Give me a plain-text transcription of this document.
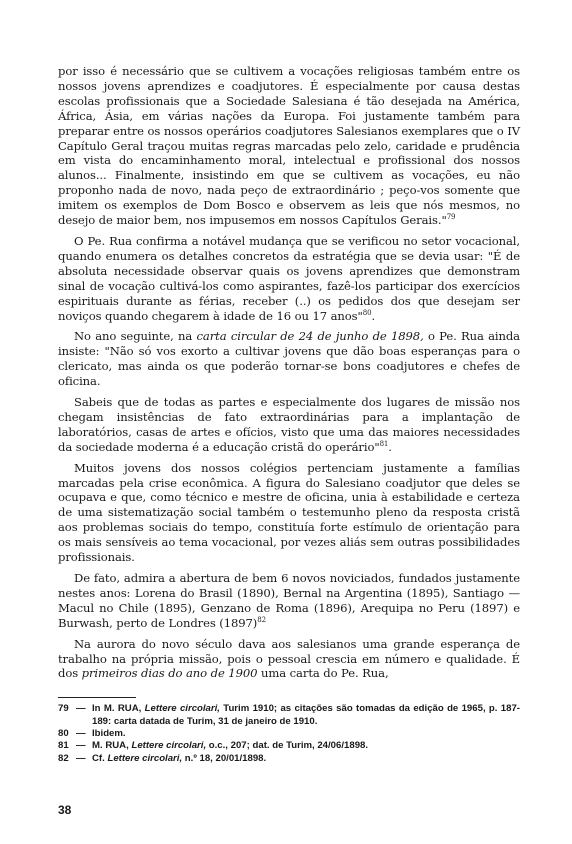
por isso é necessário que se cultivem a vocações religiosas também entre os nossos jovens aprendizes e coadjutores. É especialmente por causa destas escolas profissionais que a Sociedade Salesiana é tão desejada na América, África, Ásia, em várias nações da Europa. Foi justamente também para preparar entre os nossos operários coadjutores Salesianos exemplares que o IV Capítulo Geral traçou muitas regras marcadas pelo zelo, caridade e prudência em vista do encaminhamento moral, intelectual e profissional dos nossos alunos... Finalmente, insistindo em que se cultivem as vocações, eu não proponho nada de novo, nada peço de extraordinário ; peço-vos somente que imitem os exemplos de Dom Bosco e observem as leis que nós mesmos, no desejo de maior bem, nos impusemos em nossos Capítulos Gerais."$^{79}$

O Pe. Rua confirma a notável mudança que se verificou no setor vocacional, quando enumera os detalhes concretos da estratégia que se devia usar: "É de absoluta necessidade observar quais os jovens aprendizes que demonstram sinal de vocação cultivá-los como aspirantes, fazê-los participar dos exercícios espirituais durante as férias, receber (..) os pedidos dos que desejam ser noviços quando chegarem à idade de 16 ou 17 anos"$^{80}$.

No ano seguinte, na carta circular de 24 de junho de 1898, o Pe. Rua ainda insiste: "Não só vos exorto a cultivar jovens que dão boas esperanças para o clericato, mas ainda os que poderão tornar-se bons coadjutores e chefes de oficina.

Sabeis que de todas as partes e especialmente dos lugares de missão nos chegam insistências de fato extraordinárias para a implantação de laboratórios, casas de artes e ofícios, visto que uma das maiores necessidades da sociedade moderna é a educação cristã do operário"$^{81}$.

Muitos jovens dos nossos colégios pertenciam justamente a famílias marcadas pela crise econômica. A figura do Salesiano coadjutor que deles se ocupava e que, como técnico e mestre de oficina, unia à estabilidade e certeza de uma sistematização social também o testemunho pleno da resposta cristã aos problemas sociais do tempo, constituía forte estímulo de orientação para os mais sensíveis ao tema vocacional, por vezes aliás sem outras possibilidades profissionais.

De fato, admira a abertura de bem 6 novos noviciados, fundados justamente nestes anos: Lorena do Brasil (1890), Bernal na Argentina (1895), Santiago — Macul no Chile (1895), Genzano de Roma (1896), Arequipa no Peru (1897) e Burwash, perto de Londres $(1897)^{82}$

Na aurora do novo século dava aos salesianos uma grande esperança de trabalho na própria missão, pois o pessoal crescia em número e qualidade. É dos primeiros dias do ano de 1900 uma carta do Pe. Rua,

79 — In M. RUA, Lettere circolari, Turim 1910; as citações são tomadas da edição de 1965, p. 187-189: carta datada de Turim, 31 de janeiro de 1910.
80 — Ibidem.
81 — M. RUA, Lettere circolari, o.c., 207; dat. de Turim, 24/06/1898.
82 — Cf. Lettere circolari, n.º 18, 20/01/1898.
38
